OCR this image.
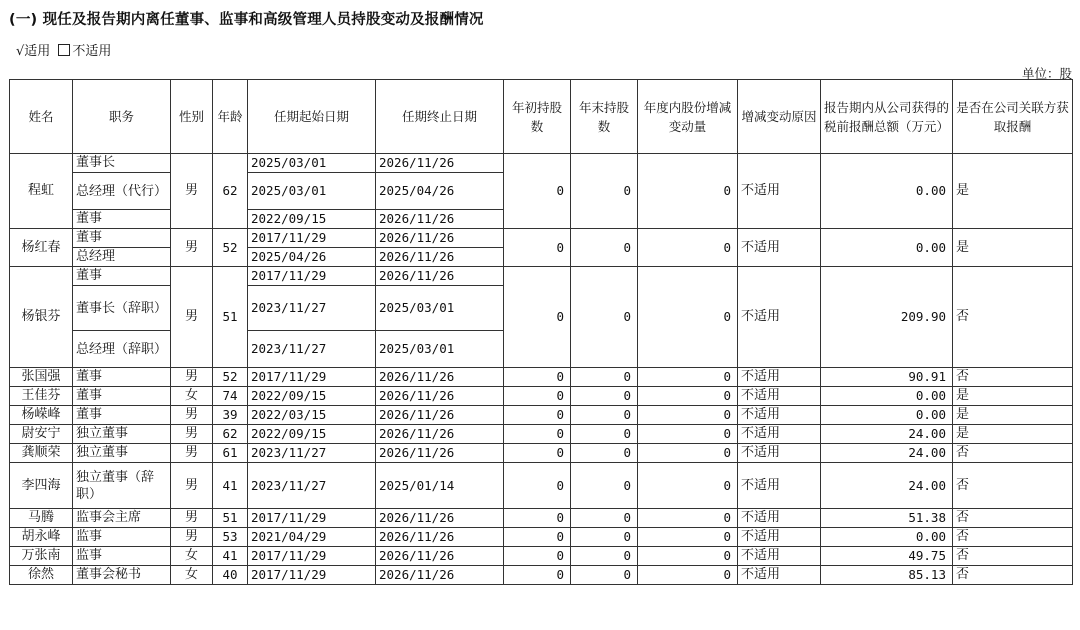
(一) 现任及报告期内离任董事、监事和高级管理人员持股变动及报酬情况
√适用 不适用
单位：股
姓名	职务	性别	年龄	任期起始日期	任期终止日期	年初持股数	年末持股数	年度内股份增减变动量	增减变动原因	报告期内从公司获得的税前报酬总额（万元）	是否在公司关联方获取报酬
程虹	董事长	男	62	2025/03/01	2026/11/26	0	0	0	不适用	0.00	是
	总经理（代行）			2025/03/01	2025/04/26						
	董事			2022/09/15	2026/11/26						
杨红春	董事	男	52	2017/11/29	2026/11/26	0	0	0	不适用	0.00	是
	总经理			2025/04/26	2026/11/26						
杨银芬	董事	男	51	2017/11/29	2026/11/26	0	0	0	不适用	209.90	否
	董事长（辞职）			2023/11/27	2025/03/01						
	总经理（辞职）			2023/11/27	2025/03/01						
张国强	董事	男	52	2017/11/29	2026/11/26	0	0	0	不适用	90.91	否
王佳芬	董事	女	74	2022/09/15	2026/11/26	0	0	0	不适用	0.00	是
杨嵘峰	董事	男	39	2022/03/15	2026/11/26	0	0	0	不适用	0.00	是
尉安宁	独立董事	男	62	2022/09/15	2026/11/26	0	0	0	不适用	24.00	是
龚顺荣	独立董事	男	61	2023/11/27	2026/11/26	0	0	0	不适用	24.00	否
李四海	独立董事（辞职）	男	41	2023/11/27	2025/01/14	0	0	0	不适用	24.00	否
马腾	监事会主席	男	51	2017/11/29	2026/11/26	0	0	0	不适用	51.38	否
胡永峰	监事	男	53	2021/04/29	2026/11/26	0	0	0	不适用	0.00	否
万张南	监事	女	41	2017/11/29	2026/11/26	0	0	0	不适用	49.75	否
徐然	董事会秘书	女	40	2017/11/29	2026/11/26	0	0	0	不适用	85.13	否
